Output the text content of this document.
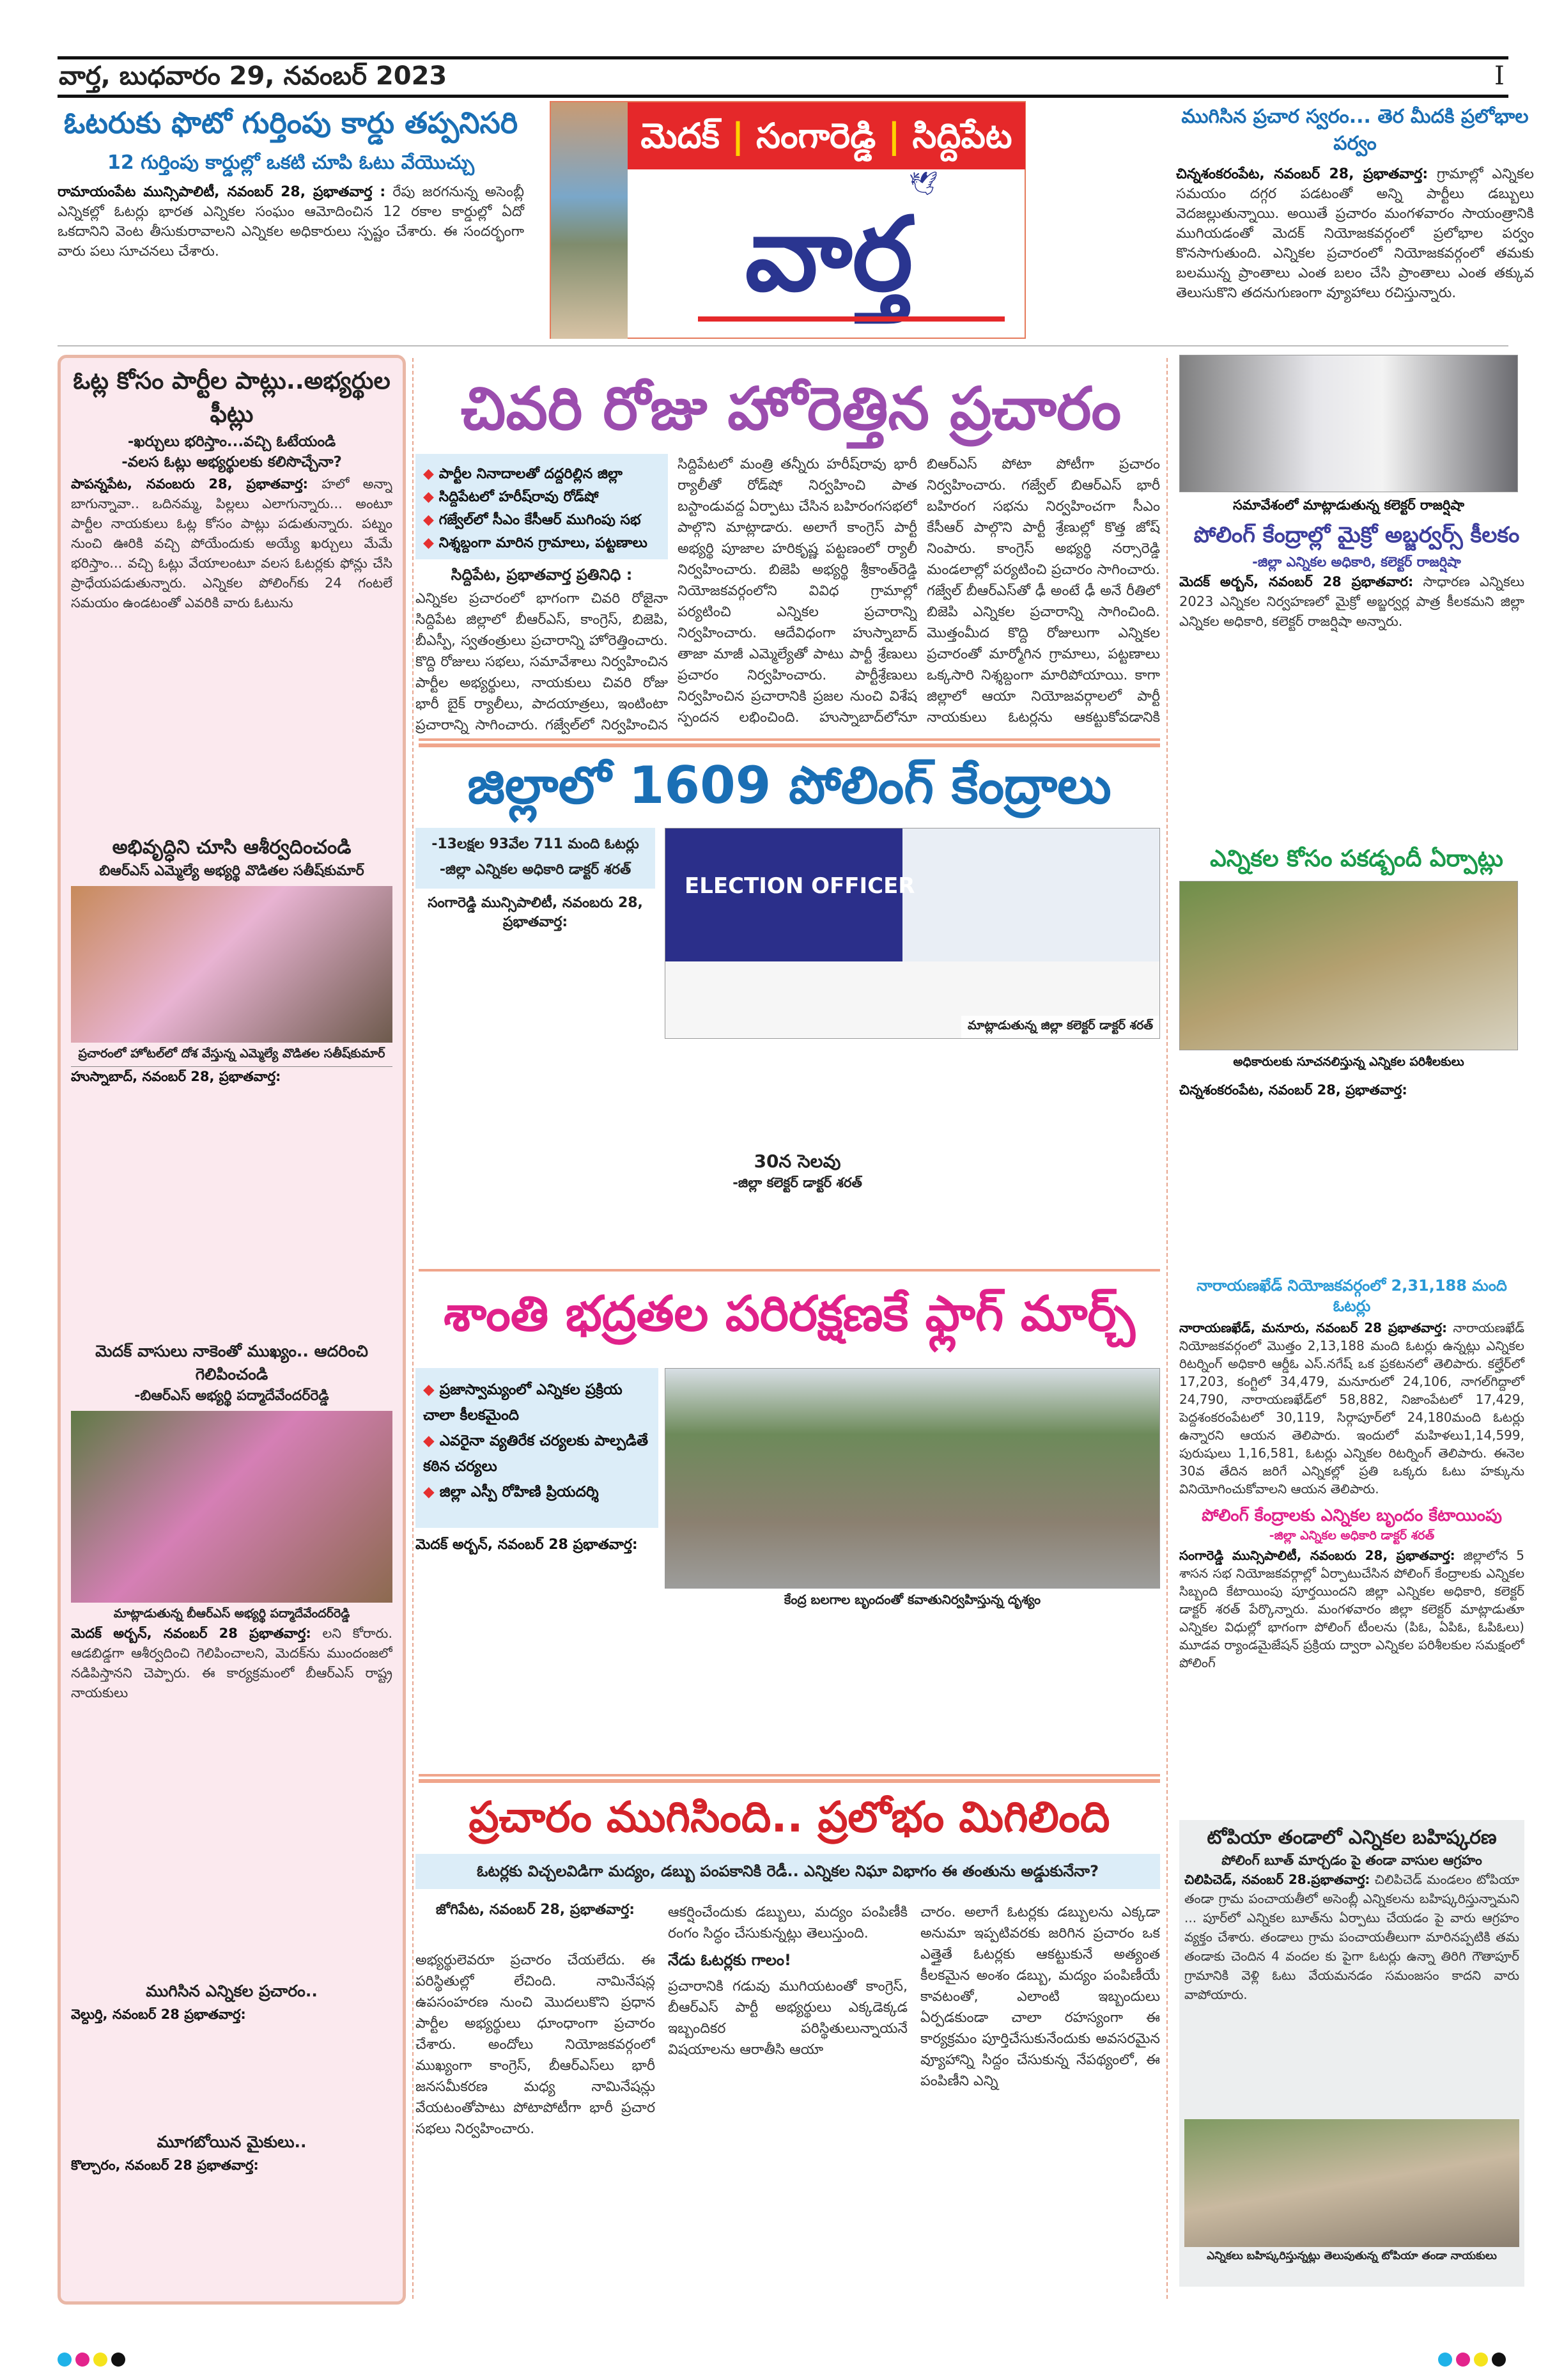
వార్త, బుధవారం 29, నవంబర్ 2023	I
ఓటరుకు ఫొటో గుర్తింపు కార్డు తప్పనిసరి
12 గుర్తింపు కార్డుల్లో ఒకటి చూపి ఓటు వేయొచ్చు
రామాయంపేట మున్సిపాలిటీ, నవంబర్ 28, ప్రభాతవార్త : రేపు జరగనున్న అసెంబ్లీ ఎన్నికల్లో ఓటర్లు భారత ఎన్నికల సంఘం ఆమోదించిన 12 రకాల కార్డుల్లో ఏదో ఒకదానిని వెంట తీసుకురావాలని ఎన్నికల అధికారులు స్పష్టం చేశారు. ఈ సందర్భంగా వారు పలు సూచనలు చేశారు.
మెదక్ | సంగారెడ్డి | సిద్దిపేట
🕊
వార్త
ముగిసిన ప్రచార స్వరం... తెర మీదకి ప్రలోభాల పర్వం
చిన్నశంకరంపేట, నవంబర్ 28, ప్రభాతవార్త: గ్రామాల్లో ఎన్నికల సమయం దగ్గర పడటంతో అన్ని పార్టీలు డబ్బులు వెదజల్లుతున్నాయి. అయితే ప్రచారం మంగళవారం సాయంత్రానికి ముగియడంతో మెదక్ నియోజకవర్గంలో ప్రలోభాల పర్వం కొనసాగుతుంది. ఎన్నికల ప్రచారంలో నియోజకవర్గంలో తమకు బలమున్న ప్రాంతాలు ఎంత బలం చేసి ప్రాంతాలు ఎంత తక్కువ తెలుసుకొని తదనుగుణంగా వ్యూహాలు రచిస్తున్నారు.
ఓట్ల కోసం పార్టీల పాట్లు..అభ్యర్థుల ఫీట్లు
-ఖర్చులు భరిస్తాం...వచ్చి ఓటేయండి
-వలస ఓట్లు అభ్యర్థులకు కలిసొచ్చేనా?
పాపన్నపేట, నవంబరు 28, ప్రభాతవార్త: హలో అన్నా బాగున్నావా.. ఒదినమ్మ, పిల్లలు ఎలాగున్నారు... అంటూ పార్టీల నాయకులు ఓట్ల కోసం పాట్లు పడుతున్నారు. పట్నం నుంచి ఊరికి వచ్చి పోయేందుకు అయ్యే ఖర్చులు మేమే భరిస్తాం... వచ్చి ఓట్లు వేయాలంటూ వలస ఓటర్లకు ఫోన్లు చేసి ప్రాధేయపడుతున్నారు. ఎన్నికల పోలింగ్‌కు 24 గంటలే సమయం ఉండటంతో ఎవరికి వారు ఓటును
అభివృద్ధిని చూసి ఆశీర్వదించండి
బిఆర్‌ఎస్ ఎమ్మెల్యే అభ్యర్థి వొడితల సతీష్‌కుమార్
ప్రచారంలో హోటల్‌లో దోశ వేస్తున్న ఎమ్మెల్యే వొడితల సతీష్‌కుమార్
హుస్నాబాద్, నవంబర్ 28, ప్రభాతవార్త:
మెదక్ వాసులు నాకెంతో ముఖ్యం.. ఆదరించి గెలిపించండి
-బిఆర్‌ఎస్ అభ్యర్థి పద్మాదేవేందర్‌రెడ్డి
మాట్లాడుతున్న బీఆర్‌ఎస్ అభ్యర్థి పద్మాదేవేందర్‌రెడ్డి
మెదక్ అర్బన్, నవంబర్ 28 ప్రభాతవార్త: లని కోరారు. ఆడబిడ్డగా ఆశీర్వదించి గెలిపించాలని, మెదక్‌ను ముందంజలో నడిపిస్తానని చెప్పారు. ఈ కార్యక్రమంలో బీఆర్‌ఎస్ రాష్ట్ర నాయకులు
ముగిసిన ఎన్నికల ప్రచారం..
వెల్దుర్తి, నవంబర్ 28 ప్రభాతవార్త:
మూగబోయిన మైకులు..
కొల్చారం, నవంబర్ 28 ప్రభాతవార్త:
చివరి రోజు హోరెత్తిన ప్రచారం
◆ పార్టీల నినాదాలతో దద్దరిల్లిన జిల్లా
◆ సిద్దిపేటలో హరీష్‌రావు రోడ్‌షో
◆ గజ్వేల్‌లో సీఎం కేసీఆర్ ముగింపు సభ
◆ నిశ్శబ్దంగా మారిన గ్రామాలు, పట్టణాలు
సిద్దిపేట, ప్రభాతవార్త ప్రతినిధి :
ఎన్నికల ప్రచారంలో భాగంగా చివరి రోజైనా సిద్దిపేట జిల్లాలో బీఆర్‌ఎస్, కాంగ్రెస్, బిజెపి, బీఎస్పీ, స్వతంత్రులు ప్రచారాన్ని హోరెత్తించారు. కొద్ది రోజులు సభలు, సమావేశాలు నిర్వహించిన పార్టీల అభ్యర్థులు, నాయకులు చివరి రోజు భారీ బైక్ ర్యాలీలు, పాదయాత్రలు, ఇంటింటా ప్రచారాన్ని సాగించారు. గజ్వేల్‌లో నిర్వహించిన
సిద్దిపేటలో మంత్రి తన్నీరు హరీష్‌రావు భారీ ర్యాలీతో రోడ్‌షో నిర్వహించి పాత బస్టాండువద్ద ఏర్పాటు చేసిన బహిరంగసభలో పాల్గొని మాట్లాడారు. అలాగే కాంగ్రెస్ పార్టీ అభ్యర్థి పూజాల హరికృష్ణ పట్టణంలో ర్యాలీ నిర్వహించారు. బిజెపి అభ్యర్థి శ్రీకాంత్‌రెడ్డి నియోజకవర్గంలోని వివిధ గ్రామాల్లో పర్యటించి ఎన్నికల ప్రచారాన్ని నిర్వహించారు. ఆదేవిధంగా హుస్నాబాద్ తాజా మాజీ ఎమ్మెల్యేతో పాటు పార్టీ శ్రేణులు ప్రచారం నిర్వహించారు. పార్టీశ్రేణులు నిర్వహించిన ప్రచారానికి ప్రజల నుంచి విశేష స్పందన లభించింది. హుస్నాబాద్‌లోనూ
బిఆర్‌ఎస్ పోటా పోటీగా ప్రచారం నిర్వహించారు. గజ్వేల్ బిఆర్‌ఎస్ భారీ బహిరంగ సభను నిర్వహించగా సీఎం కేసీఆర్ పాల్గొని పార్టీ శ్రేణుల్లో కొత్త జోష్ నింపారు. కాంగ్రెస్ అభ్యర్థి నర్సారెడ్డి మండలాల్లో పర్యటించి ప్రచారం సాగించారు. గజ్వేల్ బీఆర్‌ఎస్‌తో ఢీ అంటే ఢీ అనే రీతిలో బిజెపి ఎన్నికల ప్రచారాన్ని సాగించింది. మొత్తంమీద కొద్ది రోజులుగా ఎన్నికల ప్రచారంతో మార్మోగిన గ్రామాలు, పట్టణాలు ఒక్కసారి నిశ్శబ్దంగా మారిపోయాయి. కాగా జిల్లాలో ఆయా నియోజవర్గాలలో పార్టీ నాయకులు ఓటర్లను ఆకట్టుకోవడానికి
జిల్లాలో 1609 పోలింగ్ కేంద్రాలు
-13లక్షల 93వేల 711 మంది ఓటర్లు
-జిల్లా ఎన్నికల అధికారి డాక్టర్ శరత్
సంగారెడ్డి మున్సిపాలిటీ, నవంబరు 28, ప్రభాతవార్త:
ELECTION OFFICER
మాట్లాడుతున్న జిల్లా కలెక్టర్ డాక్టర్ శరత్
30న సెలవు
-జిల్లా కలెక్టర్ డాక్టర్ శరత్
శాంతి భద్రతల పరిరక్షణకే ఫ్లాగ్ మార్చ్
◆ ప్రజాస్వామ్యంలో ఎన్నికల ప్రక్రియ చాలా కీలకమైంది
◆ ఎవరైనా వ్యతిరేక చర్యలకు పాల్పడితే కఠిన చర్యలు
◆ జిల్లా ఎస్పీ రోహిణి ప్రియదర్శి
మెదక్ అర్బన్, నవంబర్ 28 ప్రభాతవార్త:
కేంద్ర బలగాల బృందంతో కవాతునిర్వహిస్తున్న దృశ్యం
ప్రచారం ముగిసింది.. ప్రలోభం మిగిలింది
ఓటర్లకు విచ్చలవిడిగా మద్యం, డబ్బు పంపకానికి రెడీ.. ఎన్నికల నిఘా విభాగం ఈ తంతును అడ్డుకునేనా?
జోగిపేట, నవంబర్ 28, ప్రభాతవార్త:
అభ్యర్థులెవరూ ప్రచారం చేయలేదు. ఈ పరిస్థితుల్లో లేచింది. నామినేషన్ల ఉపసంహరణ నుంచి మొదలుకొని ప్రధాన పార్టీల అభ్యర్థులు ధూంధాంగా ప్రచారం చేశారు. అందోలు నియోజకవర్గంలో ముఖ్యంగా కాంగ్రెస్, బీఆర్‌ఎస్‌లు భారీ జనసమీకరణ మధ్య నామినేషన్లు వేయటంతోపాటు పోటాపోటీగా భారీ ప్రచార సభలు నిర్వహించారు.
ఆకర్షించేందుకు డబ్బులు, మద్యం పంపిణీకి రంగం సిద్ధం చేసుకున్నట్లు తెలుస్తుంది.
నేడు ఓటర్లకు గాలం!
ప్రచారానికి గడువు ముగియటంతో కాంగ్రెస్, బీఆర్‌ఎస్ పార్టీ అభ్యర్థులు ఎక్కడెక్కడ ఇబ్బందికర పరిస్థితులున్నాయనే విషయాలను ఆరాతీసి ఆయా
చారం. అలాగే ఓటర్లకు డబ్బులను ఎక్కడా అనుమా ఇప్పటివరకు జరిగిన ప్రచారం ఒక ఎత్తైతే ఓటర్లకు ఆకట్టుకునే అత్యంత కీలకమైన అంశం డబ్బు, మద్యం పంపిణీయే కావటంతో, ఎలాంటి ఇబ్బందులు ఏర్పడకుండా చాలా రహస్యంగా ఈ కార్యక్రమం పూర్తిచేసుకునేందుకు అవసరమైన వ్యూహాన్ని సిద్దం చేసుకున్న నేపథ్యంలో, ఈ పంపిణీని ఎన్ని
సమావేశంలో మాట్లాడుతున్న కలెక్టర్ రాజర్షిషా
పోలింగ్ కేంద్రాల్లో మైక్రో అబ్జర్వర్స్ కీలకం
-జిల్లా ఎన్నికల అధికారి, కలెక్టర్ రాజర్షిషా
మెదక్ అర్బన్, నవంబర్ 28 ప్రభాతవార: సాధారణ ఎన్నికలు 2023 ఎన్నికల నిర్వహణలో మైక్రో అబ్జర్వర్ల పాత్ర కీలకమని జిల్లా ఎన్నికల అధికారి, కలెక్టర్ రాజర్షిషా అన్నారు.
ఎన్నికల కోసం పకడ్బందీ ఏర్పాట్లు
అధికారులకు సూచనలిస్తున్న ఎన్నికల పరిశీలకులు
చిన్నశంకరంపేట, నవంబర్ 28, ప్రభాతవార్త:
నారాయణఖేడ్ నియోజకవర్గంలో 2,31,188 మంది ఓటర్లు
నారాయణఖేడ్, మనూరు, నవంబర్ 28 ప్రభాతవార్త: నారాయణఖేడ్ నియోజకవర్గంలో మొత్తం 2,13,188 మంది ఓటర్లు ఉన్నట్లు ఎన్నికల రిటర్నింగ్ అధికారి ఆర్డీఓ ఎస్.నగేష్ ఒక ప్రకటనలో తెలిపారు. కల్హేర్‌లో 17,203, కంగ్టిలో 34,479, మనూరులో 24,106, నాగల్‌గిద్దాలో 24,790, నారాయణఖేడ్‌లో 58,882, నిజాంపేటలో 17,429, పెద్దశంకరంపేటలో 30,119, సిర్గాపూర్‌లో 24,180మంది ఓటర్లు ఉన్నారని ఆయన తెలిపారు. ఇందులో మహిళలు1,14,599, పురుషులు 1,16,581, ఓటర్లు ఎన్నికల రిటర్నింగ్ తెలిపారు. ఈనెల 30వ తేదిన జరిగే ఎన్నికల్లో ప్రతి ఒక్కరు ఓటు హక్కును వినియోగించుకోవాలని ఆయన తెలిపారు.
పోలింగ్ కేంద్రాలకు ఎన్నికల బృందం కేటాయింపు
-జిల్లా ఎన్నికల అధికారి డాక్టర్ శరత్
సంగారెడ్డి మున్సిపాలిటీ, నవంబరు 28, ప్రభాతవార్త: జిల్లాలోన 5 శాసన సభ నియోజకవర్గాల్లో ఏర్పాటుచేసిన పోలింగ్ కేంద్రాలకు ఎన్నికల సిబ్బంది కేటాయింపు పూర్తయిందని జిల్లా ఎన్నికల అధికారి, కలెక్టర్ డాక్టర్ శరత్ పేర్కొన్నారు. మంగళవారం జిల్లా కలెక్టర్ మాట్లాడుతూ ఎన్నికల విధుల్లో భాగంగా పోలింగ్ టీంలను (పిఓ, ఏపిఓ, ఓపిఓలు) మూడవ ర్యాండమైజేషన్ ప్రక్రియ ద్వారా ఎన్నికల పరిశీలకుల సమక్షంలో పోలింగ్
టోపియా తండాలో ఎన్నికల బహిష్కరణ
పోలింగ్ బూత్ మార్చడం పై తండా వాసుల ఆగ్రహం
చిలిపిచెడ్, నవంబర్ 28.ప్రభాతవార్త: చిలిపిచెడ్ మండలం టోపియా తండా గ్రామ పంచాయతీలో అసెంబ్లీ ఎన్నికలను బహిష్కరిస్తున్నామని ... పూర్‌లో ఎన్నికల బూత్‌ను ఏర్పాటు చేయడం పై వారు ఆగ్రహం వ్యక్తం చేశారు. తండాలు గ్రామ పంచాయతీలుగా మారినప్పటికి తమ తండాకు చెందిన 4 వందల కు పైగా ఓటర్లు ఉన్నా తిరిగి గౌతాపూర్ గ్రామానికి వెళ్లి ఓటు వేయమనడం సమంజసం కాదని వారు వాపోయారు.
ఎన్నికలు బహిష్కరిస్తున్నట్లు తెలుపుతున్న టోపియా తండా నాయకులు
